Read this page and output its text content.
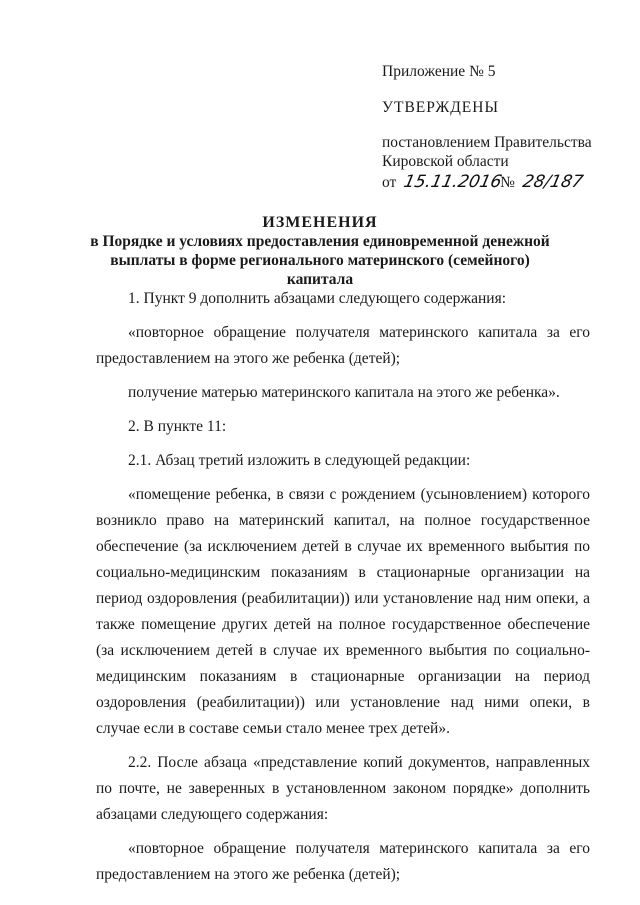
Приложение № 5
УТВЕРЖДЕНЫ
постановлением Правительства
Кировской области
от 15.11.2016 № 28/187
ИЗМЕНЕНИЯ
в Порядке и условиях предоставления единовременной денежной
выплаты в форме регионального материнского (семейного) капитала
1. Пункт 9 дополнить абзацами следующего содержания:
«повторное обращение получателя материнского капитала за его предоставлением на этого же ребенка (детей);
получение матерью материнского капитала на этого же ребенка».
2. В пункте 11:
2.1. Абзац третий изложить в следующей редакции:
«помещение ребенка, в связи с рождением (усыновлением) которого возникло право на материнский капитал, на полное государственное обеспечение (за исключением детей в случае их временного выбытия по социально-медицинским показаниям в стационарные организации на период оздоровления (реабилитации)) или установление над ним опеки, а также помещение других детей на полное государственное обеспечение (за исключением детей в случае их временного выбытия по социально-медицинским показаниям в стационарные организации на период оздоровления (реабилитации)) или установление над ними опеки, в случае если в составе семьи стало менее трех детей».
2.2. После абзаца «представление копий документов, направленных по почте, не заверенных в установленном законом порядке» дополнить абзацами следующего содержания:
«повторное обращение получателя материнского капитала за его предоставлением на этого же ребенка (детей);
